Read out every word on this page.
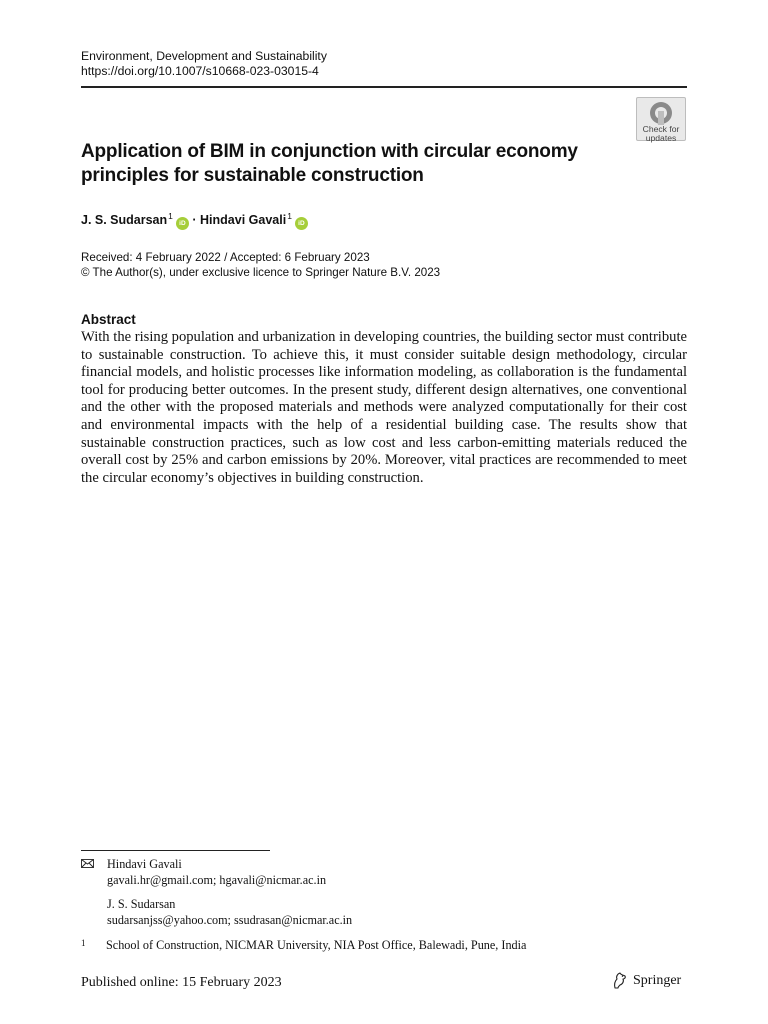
Environment, Development and Sustainability
https://doi.org/10.1007/s10668-023-03015-4
Check for
updates
Application of BIM in conjunction with circular economy principles for sustainable construction
J. S. Sudarsan$^1$iD · Hindavi Gavali$^1$iD
Received: 4 February 2022 / Accepted: 6 February 2023
© The Author(s), under exclusive licence to Springer Nature B.V. 2023
Abstract
With the rising population and urbanization in developing countries, the building sector must contribute to sustainable construction. To achieve this, it must consider suitable design methodology, circular financial models, and holistic processes like information modeling, as collaboration is the fundamental tool for producing better outcomes. In the present study, different design alternatives, one conventional and the other with the proposed materials and methods were analyzed computationally for their cost and environmental impacts with the help of a residential building case. The results show that sustainable construction practices, such as low cost and less carbon-emitting materials reduced the overall cost by 25% and carbon emissions by 20%. Moreover, vital practices are recommended to meet the circular economy’s objectives in building construction.
Hindavi Gavali
gavali.hr@gmail.com; hgavali@nicmar.ac.in
J. S. Sudarsan
sudarsanjss@yahoo.com; ssudrasan@nicmar.ac.in
1 School of Construction, NICMAR University, NIA Post Office, Balewadi, Pune, India
Published online: 15 February 2023	Springer
